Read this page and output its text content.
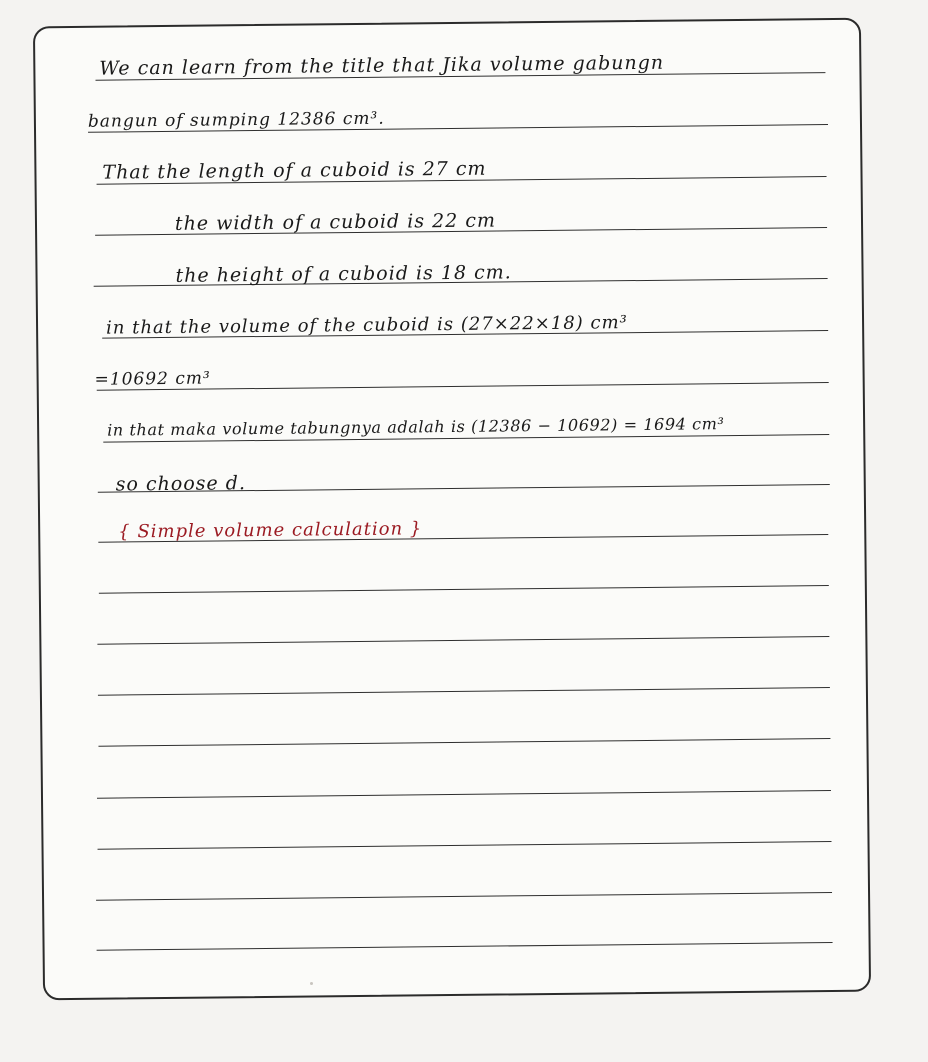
We can learn from the title that Jika volume gabungn
bangun of sumping 12386 cm³.
That the length of a cuboid is 27 cm
the width of a cuboid is 22 cm
the height of a cuboid is 18 cm.
in that the volume of the cuboid is (27×22×18) cm³
=10692 cm³
in that maka volume tabungnya adalah is (12386 − 10692) = 1694 cm³
so choose d.
{ Simple volume calculation }
